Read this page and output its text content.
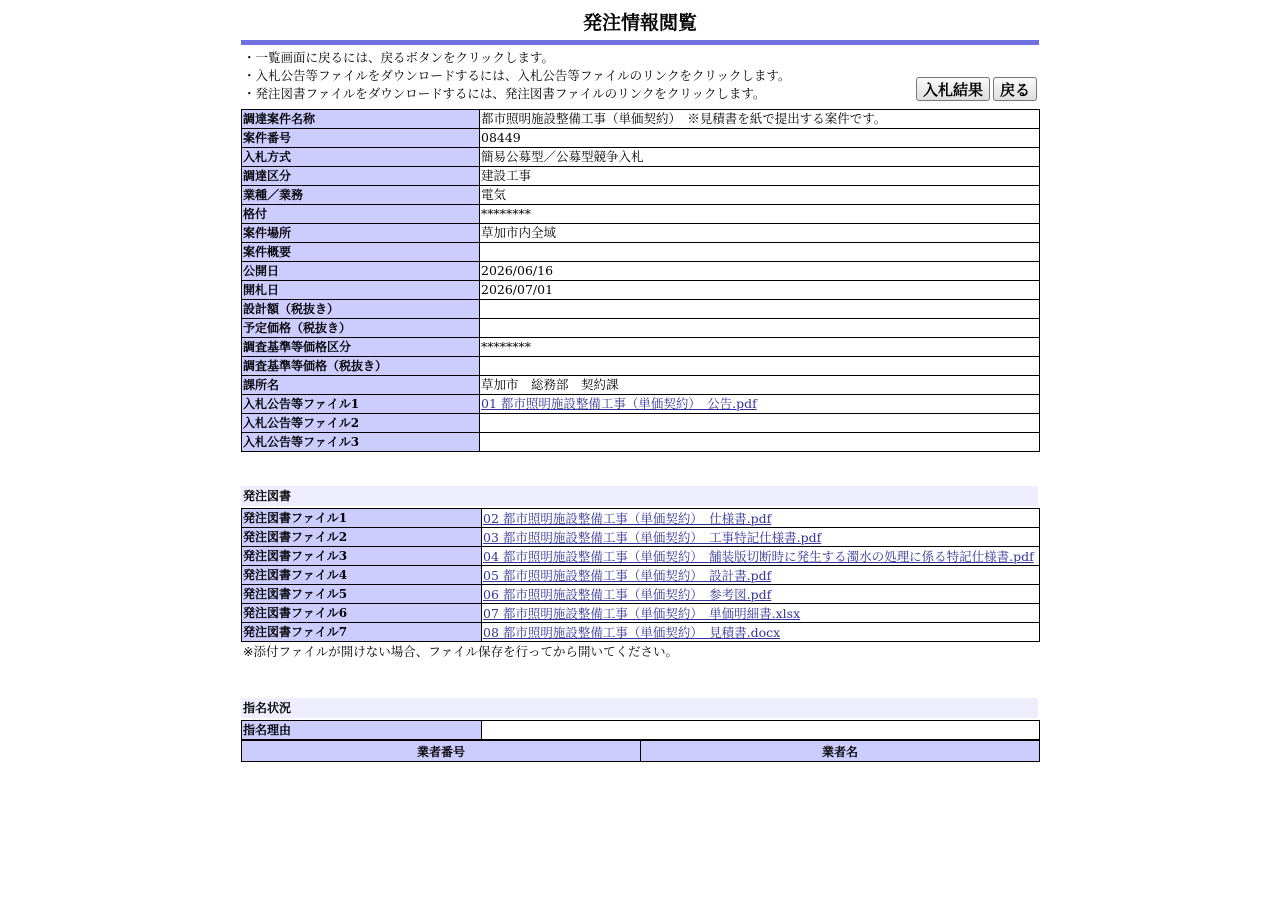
発注情報閲覧
・一覧画面に戻るには、戻るボタンをクリックします。
・入札公告等ファイルをダウンロードするには、入札公告等ファイルのリンクをクリックします。
・発注図書ファイルをダウンロードするには、発注図書ファイルのリンクをクリックします。	入札結果	戻る
調達案件名称	都市照明施設整備工事（単価契約）　※見積書を紙で提出する案件です。
案件番号	08449
入札方式	簡易公募型／公募型競争入札
調達区分	建設工事
業種／業務	電気
格付	********
案件場所	草加市内全域
案件概要	
公開日	2026/06/16
開札日	2026/07/01
設計額（税抜き）	
予定価格（税抜き）	
調査基準等価格区分	********
調査基準等価格（税抜き）	
課所名	草加市　総務部　契約課
入札公告等ファイル1	01 都市照明施設整備工事（単価契約）　公告.pdf
入札公告等ファイル2	
入札公告等ファイル3	
発注図書
発注図書ファイル1	02 都市照明施設整備工事（単価契約）　仕様書.pdf
発注図書ファイル2	03 都市照明施設整備工事（単価契約）　工事特記仕様書.pdf
発注図書ファイル3	04 都市照明施設整備工事（単価契約）　舗装版切断時に発生する濁水の処理に係る特記仕様書.pdf
発注図書ファイル4	05 都市照明施設整備工事（単価契約）　設計書.pdf
発注図書ファイル5	06 都市照明施設整備工事（単価契約）　参考図.pdf
発注図書ファイル6	07 都市照明施設整備工事（単価契約）　単価明細書.xlsx
発注図書ファイル7	08 都市照明施設整備工事（単価契約）　見積書.docx
※添付ファイルが開けない場合、ファイル保存を行ってから開いてください。
指名状況
指名理由	
業者番号	業者名
